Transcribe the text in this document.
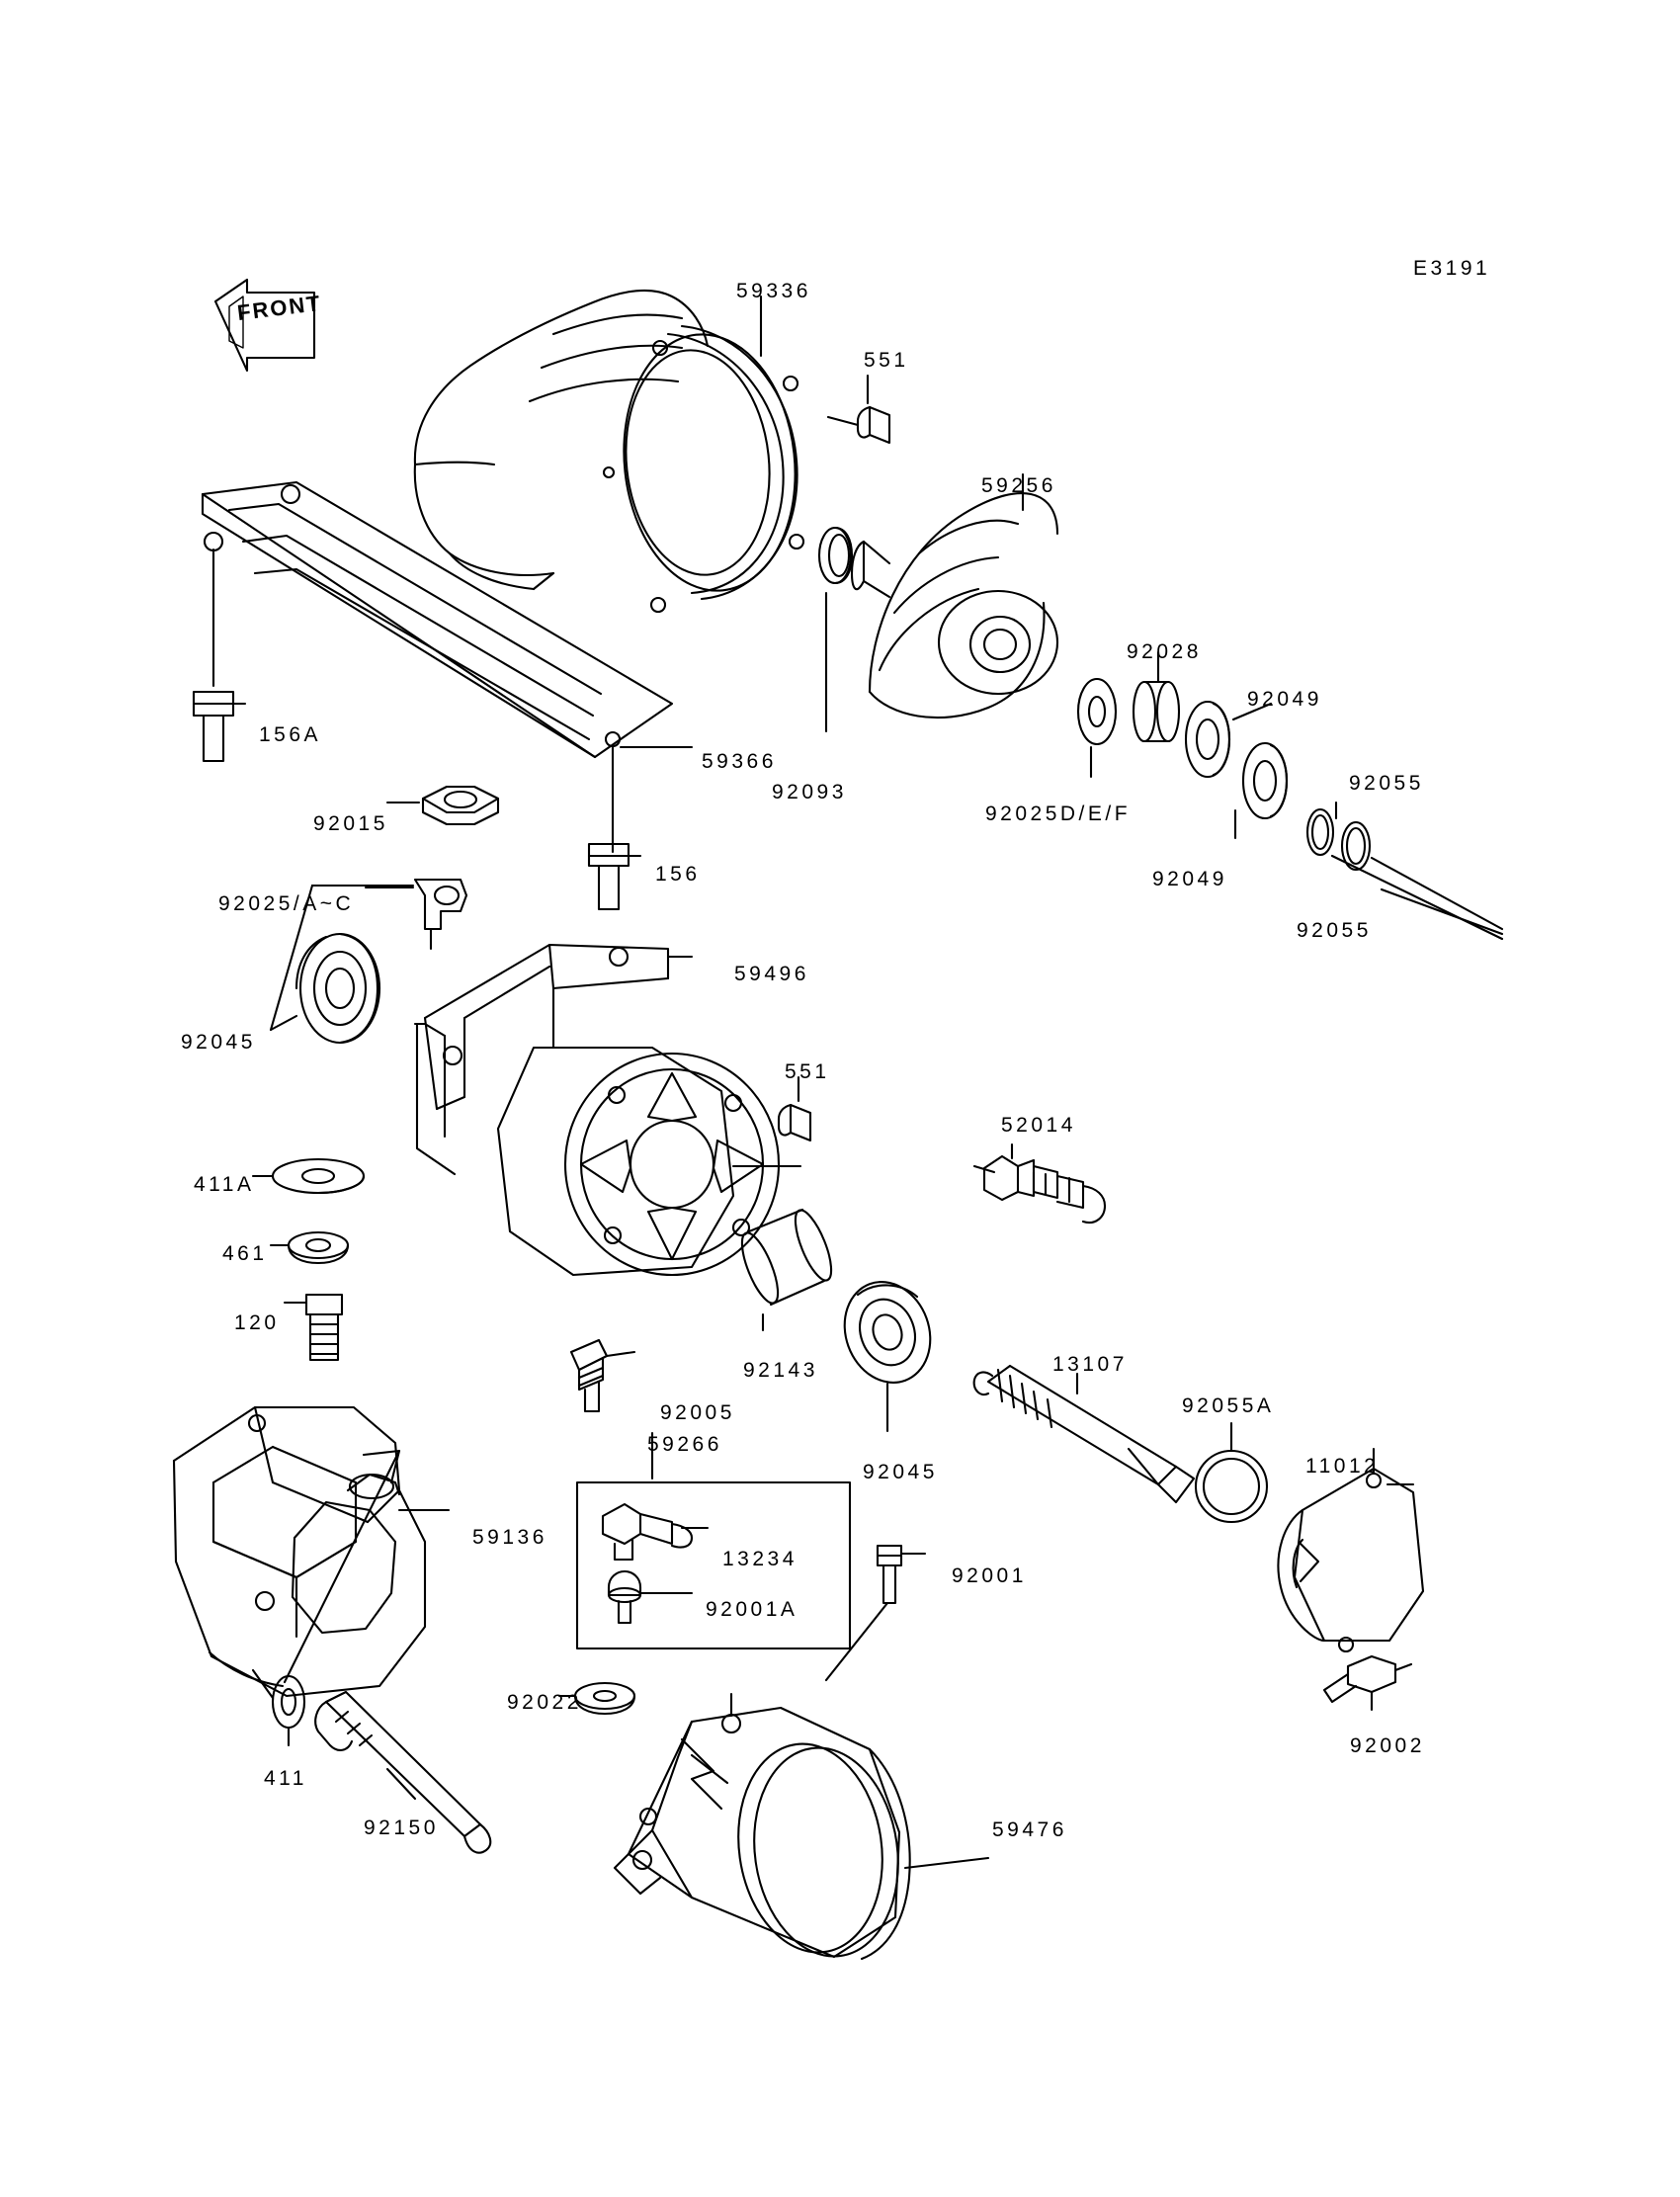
FRONT
E3191
59336
551
59256
92093
92028
92049
92025D/E/F
92049
92055
92055
156A
59366
92015
156
92025/A~C
59496
92045
551
52014
411A
461
120
92143
92045
13107
92055A
11012
92005
59266
59136
13234
92001
92001A
92002
92022
411
92150	59476
